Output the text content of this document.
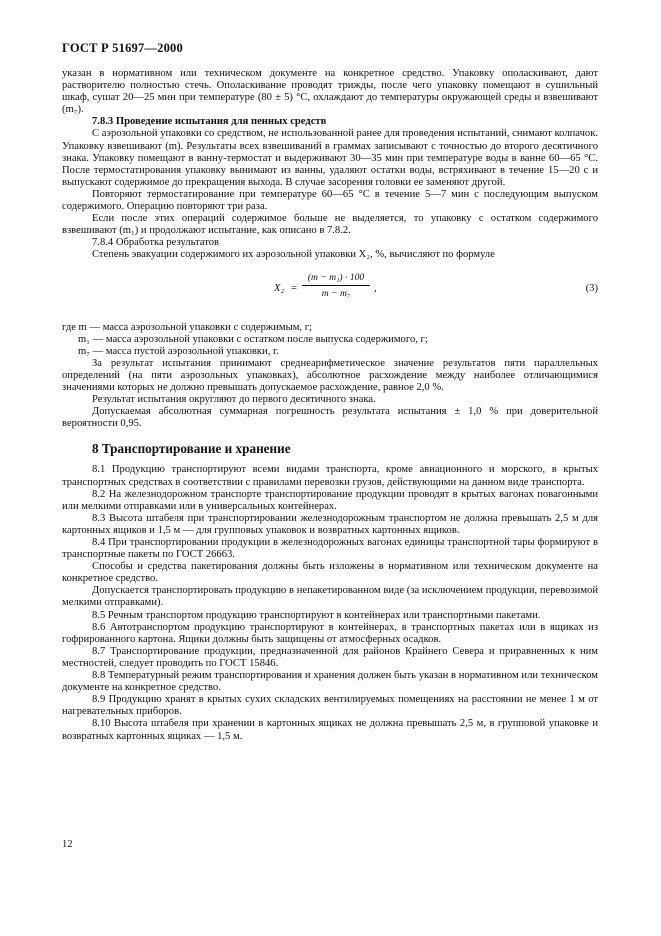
ГОСТ Р 51697—2000

указан в нормативном или техническом документе на конкретное средство. Упаковку ополаскивают, дают растворителю полностью стечь. Ополаскивание проводят трижды, после чего упаковку помещают в сушильный шкаф, сушат 20—25 мин при температуре (80 ± 5) °С, охлаждают до температуры окружающей среды и взвешивают (m₇).

7.8.3 Проведение испытания для пенных средств

С аэрозольной упаковки со средством, не использованной ранее для проведения испытаний, снимают колпачок. Упаковку взвешивают (m). Результаты всех взвешиваний в граммах записывают с точностью до второго десятичного знака. Упаковку помещают в ванну-термостат и выдерживают 30—35 мин при температуре воды в ванне 60—65 °С. После термостатирования упаковку вынимают из ванны, удаляют остатки воды, встряхивают в течение 15—20 с и выпускают содержимое до прекращения выхода. В случае засорения головки ее заменяют другой.

Повторяют термостатирование при температуре 60—65 °С в течение 5—7 мин с последующим выпуском содержимого. Операцию повторяют три раза.

Если после этих операций содержимое больше не выделяется, то упаковку с остатком содержимого взвешивают (m₁) и продолжают испытание, как описано в 7.8.2.

7.8.4 Обработка результатов

Степень эвакуации содержимого их аэрозольной упаковки X₂, %, вычисляют по формуле

X₂ =
(m − m₁) · 100
m − m₇	,	(3)

где m — масса аэрозольной упаковки с содержимым, г;

m₁ — масса аэрозольной упаковки с остатком после выпуска содержимого, г;

m₇ — масса пустой аэрозольной упаковки, г.

За результат испытания принимают среднеарифметическое значение результатов пяти параллельных определений (на пяти аэрозольных упаковках), абсолютное расхождение между наиболее отличающимися значениями которых не должно превышать допускаемое расхождение, равное 2,0 %.

Результат испытания округляют до первого десятичного знака.

Допускаемая абсолютная суммарная погрешность результата испытания ± 1,0 % при доверительной вероятности 0,95.

8 Транспортирование и хранение

8.1 Продукцию транспортируют всеми видами транспорта, кроме авиационного и морского, в крытых транспортных средствах в соответствии с правилами перевозки грузов, действующими на данном виде транспорта.

8.2 На железнодорожном транспорте транспортирование продукции проводят в крытых вагонах повагонными или мелкими отправками или в универсальных контейнерах.

8.3 Высота штабеля при транспортировании железнодорожным транспортом не должна превышать 2,5 м для картонных ящиков и 1,5 м — для групповых упаковок и возвратных картонных ящиков.

8.4 При транспортировании продукции в железнодорожных вагонах единицы транспортной тары формируют в транспортные пакеты по ГОСТ 26663.

Способы и средства пакетирования должны быть изложены в нормативном или техническом документе на конкретное средство.

Допускается транспортировать продукцию в непакетированном виде (за исключением продукции, перевозимой мелкими отправками).

8.5 Речным транспортом продукцию транспортируют в контейнерах или транспортными пакетами.

8.6 Автотранспортом продукцию транспортируют в контейнерах, в транспортных пакетах или в ящиках из гофрированного картона. Ящики должны быть защищены от атмосферных осадков.

8.7 Транспортирование продукции, предназначенной для районов Крайнего Севера и приравненных к ним местностей, следует проводить по ГОСТ 15846.

8.8 Температурный режим транспортирования и хранения должен быть указан в нормативном или техническом документе на конкретное средство.

8.9 Продукцию хранят в крытых сухих складских вентилируемых помещениях на расстоянии не менее 1 м от нагревательных приборов.

8.10 Высота штабеля при хранении в картонных ящиках не должна превышать 2,5 м, в групповой упаковке и возвратных картонных ящиках — 1,5 м.

12
